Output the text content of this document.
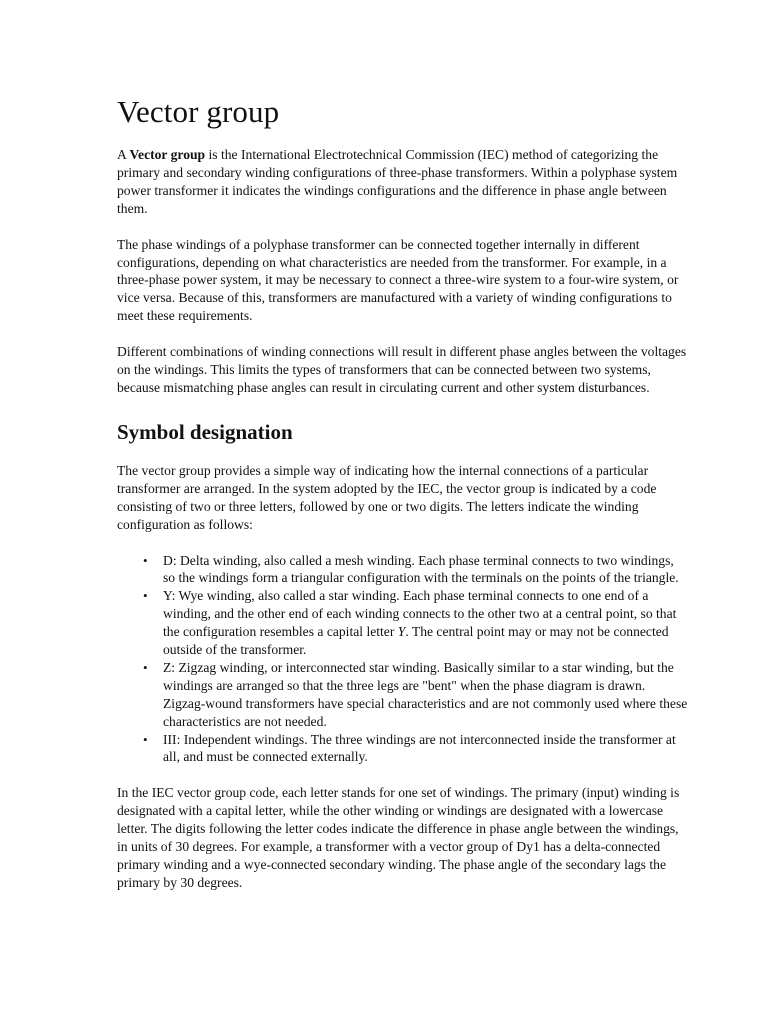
Vector group

A Vector group is the International Electrotechnical Commission (IEC) method of categorizing the primary and secondary winding configurations of three-phase transformers. Within a polyphase system power transformer it indicates the windings configurations and the difference in phase angle between them.

The phase windings of a polyphase transformer can be connected together internally in different configurations, depending on what characteristics are needed from the transformer. For example, in a three-phase power system, it may be necessary to connect a three-wire system to a four-wire system, or vice versa. Because of this, transformers are manufactured with a variety of winding configurations to meet these requirements.

Different combinations of winding connections will result in different phase angles between the voltages on the windings. This limits the types of transformers that can be connected between two systems, because mismatching phase angles can result in circulating current and other system disturbances.

Symbol designation

The vector group provides a simple way of indicating how the internal connections of a particular transformer are arranged. In the system adopted by the IEC, the vector group is indicated by a code consisting of two or three letters, followed by one or two digits. The letters indicate the winding configuration as follows:

• D: Delta winding, also called a mesh winding. Each phase terminal connects to two windings, so the windings form a triangular configuration with the terminals on the points of the triangle.
• Y: Wye winding, also called a star winding. Each phase terminal connects to one end of a winding, and the other end of each winding connects to the other two at a central point, so that the configuration resembles a capital letter Y. The central point may or may not be connected outside of the transformer.
• Z: Zigzag winding, or interconnected star winding. Basically similar to a star winding, but the windings are arranged so that the three legs are "bent" when the phase diagram is drawn. Zigzag-wound transformers have special characteristics and are not commonly used where these characteristics are not needed.
• III: Independent windings. The three windings are not interconnected inside the transformer at all, and must be connected externally.

In the IEC vector group code, each letter stands for one set of windings. The primary (input) winding is designated with a capital letter, while the other winding or windings are designated with a lowercase letter. The digits following the letter codes indicate the difference in phase angle between the windings, in units of 30 degrees. For example, a transformer with a vector group of Dy1 has a delta-connected primary winding and a wye-connected secondary winding. The phase angle of the secondary lags the primary by 30 degrees.
